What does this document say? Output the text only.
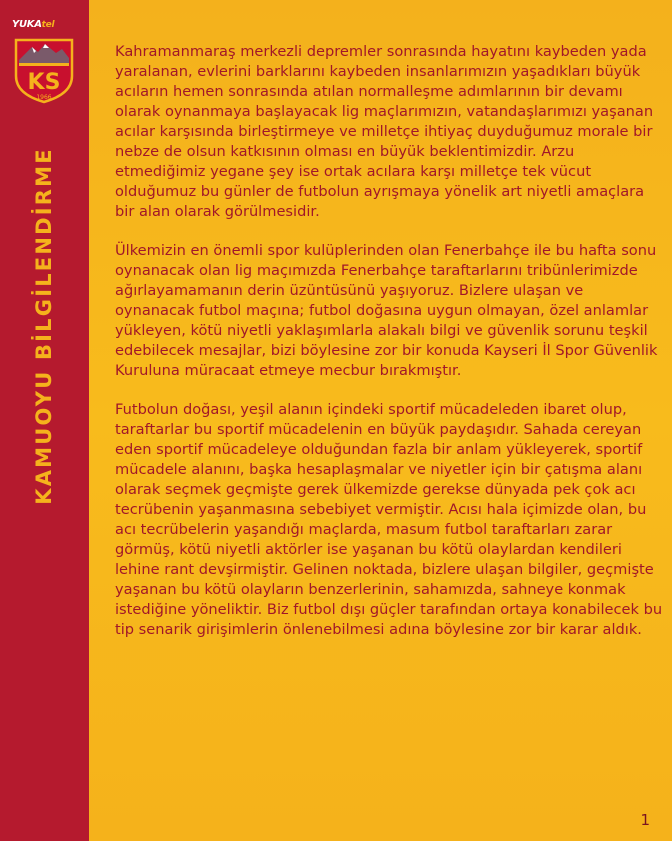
YUKAtel
KS
1966
KAMUOYU BİLGİLENDİRME

Kahramanmaraş merkezli depremler sonrasında hayatını kaybeden yada yaralanan, evlerini barklarını kaybeden insanlarımızın yaşadıkları büyük acıların hemen sonrasında atılan normalleşme adımlarının bir devamı olarak oynanmaya başlayacak lig maçlarımızın, vatandaşlarımızı yaşanan acılar karşısında birleştirmeye ve milletçe ihtiyaç duyduğumuz morale bir nebze de olsun katkısının olması en büyük beklentimizdir. Arzu etmediğimiz yegane şey ise ortak acılara karşı milletçe tek vücut olduğumuz bu günler de futbolun ayrışmaya yönelik art niyetli amaçlara bir alan olarak görülmesidir.

Ülkemizin en önemli spor kulüplerinden olan Fenerbahçe ile bu hafta sonu oynanacak olan lig maçımızda Fenerbahçe taraftarlarını tribünlerimizde ağırlayamamanın derin üzüntüsünü yaşıyoruz. Bizlere ulaşan ve oynanacak futbol maçına; futbol doğasına uygun olmayan, özel anlamlar yükleyen, kötü niyetli yaklaşımlarla alakalı bilgi ve güvenlik sorunu teşkil edebilecek mesajlar, bizi böylesine zor bir konuda Kayseri İl Spor Güvenlik Kuruluna müracaat etmeye mecbur bırakmıştır.

Futbolun doğası, yeşil alanın içindeki sportif mücadeleden ibaret olup, taraftarlar bu sportif mücadelenin en büyük paydaşıdır. Sahada cereyan eden sportif mücadeleye olduğundan fazla bir anlam yükleyerek, sportif mücadele alanını, başka hesaplaşmalar ve niyetler için bir çatışma alanı olarak seçmek geçmişte gerek ülkemizde gerekse dünyada pek çok acı tecrübenin yaşanmasına sebebiyet vermiştir. Acısı hala içimizde olan, bu acı tecrübelerin yaşandığı maçlarda, masum futbol taraftarları zarar görmüş, kötü niyetli aktörler ise yaşanan bu kötü olaylardan kendileri lehine rant devşirmiştir. Gelinen noktada, bizlere ulaşan bilgiler, geçmişte yaşanan bu kötü olayların benzerlerinin, sahamızda, sahneye konmak istediğine yöneliktir. Biz futbol dışı güçler tarafından ortaya konabilecek bu tip senarik girişimlerin önlenebilmesi adına böylesine zor bir karar aldık.

1
